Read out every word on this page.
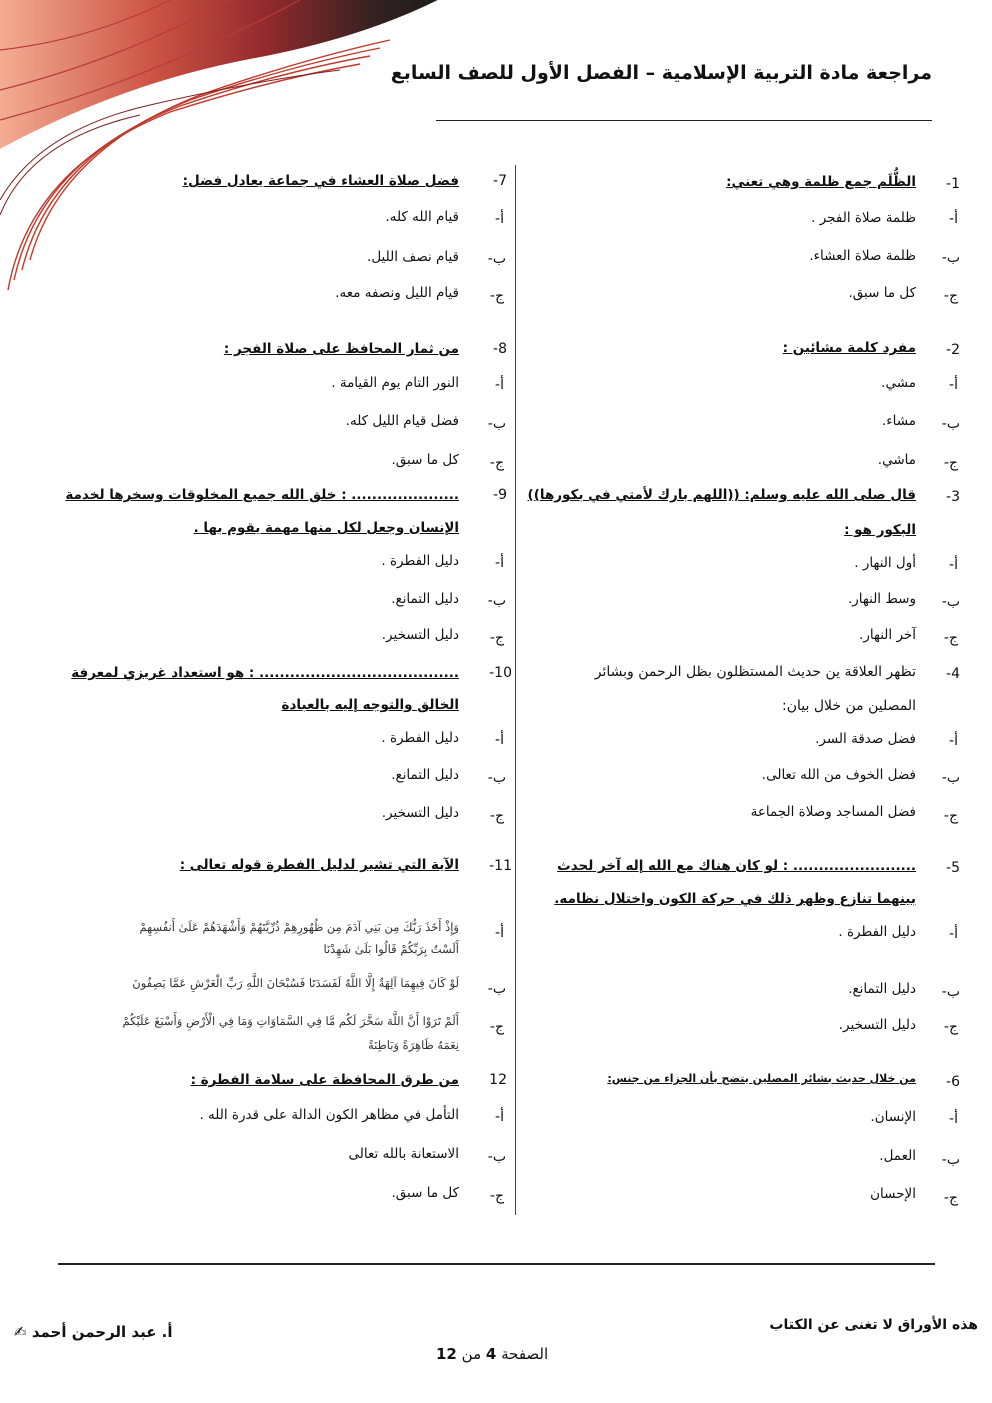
مراجعة مادة التربية الإسلامية – الفصل الأول للصف السابع
1-
الظُّلَم جمع ظلمة وهي تعني:
أ-
ظلمة صلاة الفجر .
ب-
ظلمة صلاة العشاء.
ج-
كل ما سبق.
2-
مفرد كلمة مشائين :
أ-
مشي.
ب-
مشاء.
ج-
ماشي.
3-
قال صلى الله عليه وسلم: ((اللهم بارك لأمتي في بكورها))
البكور هو :
أ-
أول النهار .
ب-
وسط النهار.
ج-
آخر النهار.
4-
تظهر العلاقة ين حديث المستظلون بظل الرحمن وبشائر
المصلين من خلال بيان:
أ-
فضل صدقة السر.
ب-
فضل الخوف من الله تعالى.
ج-
فضل المساجد وصلاة الجماعة
5-
........................ : لو كان هناك مع الله إله آخر لحدث
بينهما تنازع وظهر ذلك في حركة الكون واختلال نظامه.
أ-
دليل الفطرة .
ب-
دليل التمانع.
ج-
دليل التسخير.
6-
من خلال حديث بشائر المصلين يتضح بأن الجزاء من جنس:
أ-
الإنسان.
ب-
العمل.
ج-
الإحسان
7-
فضل صلاة العشاء في جماعة يعادل فضل:
أ-
قيام الله كله.
ب-
قيام نصف الليل.
ج-
قيام الليل ونصفه معه.
8-
من ثمار المحافظ على صلاة الفجر :
أ-
النور التام يوم القيامة .
ب-
فضل قيام الليل كله.
ج-
كل ما سبق.
9-
..................... : خلق الله جميع المخلوقات وسخرها لخدمة
الإنسان وجعل لكل منها مهمة يقوم بها .
أ-
دليل الفطرة .
ب-
دليل التمانع.
ج-
دليل التسخير.
10-
....................................... : هو استعداد غريزي لمعرفة
الخالق والتوجه إليه بالعبادة
أ-
دليل الفطرة .
ب-
دليل التمانع.
ج-
دليل التسخير.
11-
الآية التي تشير لدليل الفطرة قوله تعالى :
أ-
وَإِذْ أَخَذَ رَبُّكَ مِن بَنِي آدَمَ مِن ظُهُورِهِمْ ذُرِّيَّتَهُمْ وَأَشْهَدَهُمْ عَلَىٰ أَنفُسِهِمْ
أَلَسْتُ بِرَبِّكُمْ قَالُوا بَلَىٰ شَهِدْنَا
ب-
لَوْ كَانَ فِيهِمَا آلِهَةٌ إِلَّا اللَّهُ لَفَسَدَتَا فَسُبْحَانَ اللَّهِ رَبِّ الْعَرْشِ عَمَّا يَصِفُونَ
ج-
أَلَمْ تَرَوْا أَنَّ اللَّهَ سَخَّرَ لَكُم مَّا فِي السَّمَاوَاتِ وَمَا فِي الْأَرْضِ وَأَسْبَغَ عَلَيْكُمْ
نِعَمَهُ ظَاهِرَةً وَبَاطِنَةً
12
من طرق المحافظة على سلامة الفطرة :
أ-
التأمل في مظاهر الكون الدالة على قدرة الله .
ب-
الاستعانة بالله تعالى
ج-
كل ما سبق.
هذه الأوراق لا تغنى عن الكتاب
أ. عبد الرحمن أحمد ✍
الصفحة 4 من 12
